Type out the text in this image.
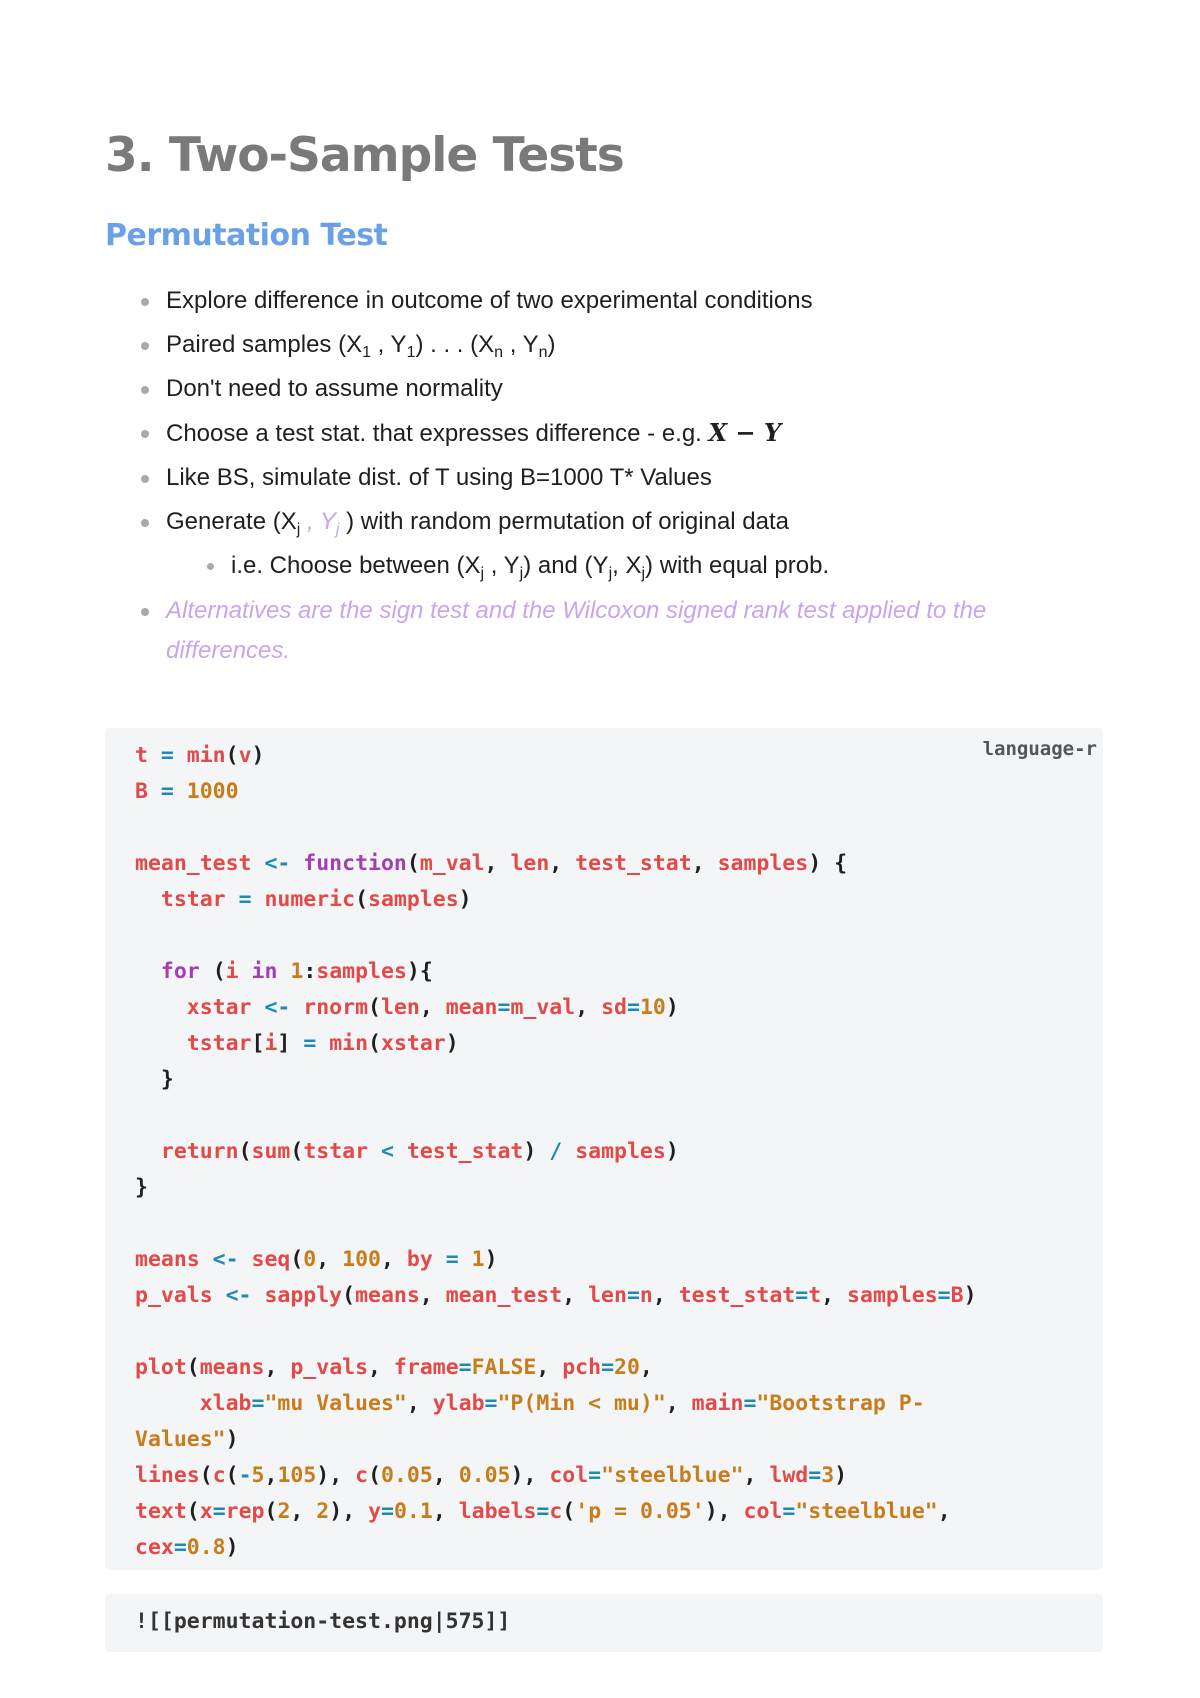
3. Two-Sample Tests
Permutation Test
Explore difference in outcome of two experimental conditions
Paired samples ($X_1$ , $Y_1$) . . . ($X_n$ , $Y_n$)
Don't need to assume normality
Choose a test stat. that expresses difference - e.g. X − Y
Like BS, simulate dist. of T using B=1000 T* Values
Generate ($X_j$ , $Y_j$ ) with random permutation of original data
i.e. Choose between ($X_j$ , $Y_j$) and ($Y_j$, $X_j$) with equal prob.
Alternatives are the sign test and the Wilcoxon signed rank test applied to the differences.
language-r
t = min(v)
B = 1000

mean_test <- function(m_val, len, test_stat, samples) {
tstar = numeric(samples)

for (i in 1:samples){
xstar <- rnorm(len, mean=m_val, sd=10)
tstar[i] = min(xstar)
}

return(sum(tstar < test_stat) / samples)
}

means <- seq(0, 100, by = 1)
p_vals <- sapply(means, mean_test, len=n, test_stat=t, samples=B)

plot(means, p_vals, frame=FALSE, pch=20,
xlab="mu Values", ylab="P(Min < mu)", main="Bootstrap P-
Values")
lines(c(-5,105), c(0.05, 0.05), col="steelblue", lwd=3)
text(x=rep(2, 2), y=0.1, labels=c('p = 0.05'), col="steelblue",
cex=0.8)
![[permutation-test.png|575]]
